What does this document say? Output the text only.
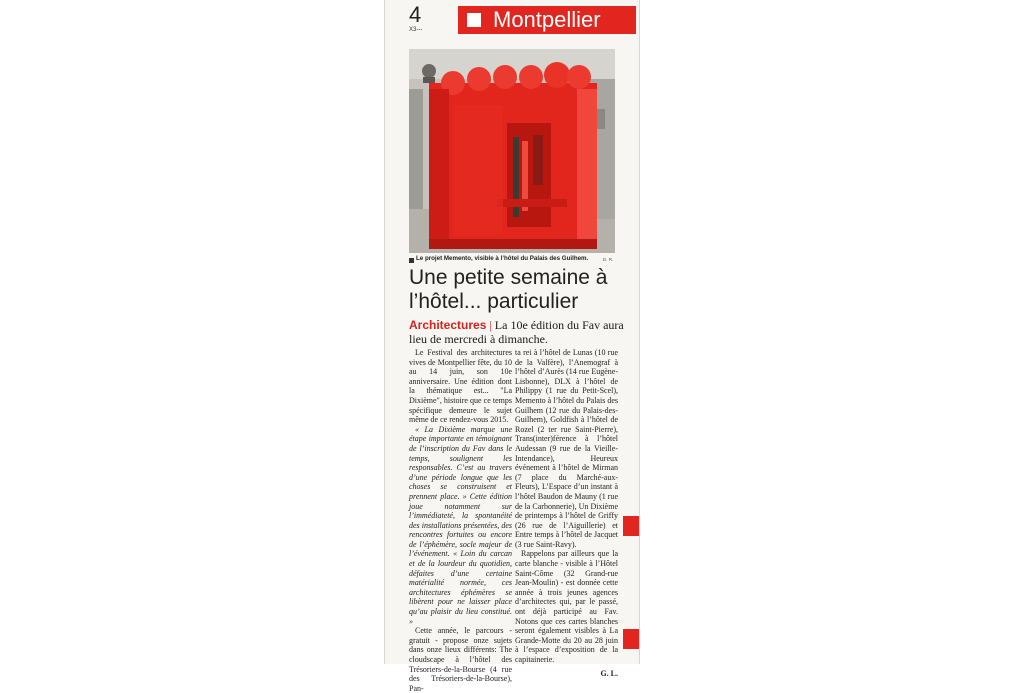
4
X3---	Montpellier
Le projet Memento, visible à l’hôtel du Palais des Guilhem.	D. R.
Une petite semaine à l’hôtel... particulier
Architectures | La 10e édition du Fav aura lieu de mercredi à dimanche.

Le Festival des architectures vives de Montpellier fête, du 10 au 14 juin, son 10e anniversaire. Une édition dont la thématique est... "La Dixième", histoire que ce temps spécifique demeure le sujet même de ce rendez-vous 2015.

« La Dixième marque une étape importante en témoignant de l’inscription du Fav dans le temps, soulignent les responsables. C’est au travers d’une période longue que les choses se construisent et prennent place. » Cette édition joue notamment sur l’immédiateté, la spontanéité des installations présentées, des rencontres fortuites ou encore de l’éphémère, socle majeur de l’événement. « Loin du carcan et de la lourdeur du quotidien, défaites d’une certaine matérialité normée, ces architectures éphémères se libèrent pour ne laisser place qu’au plaisir du lieu constitué. »

Cette année, le parcours - gratuit - propose onze sujets dans onze lieux différents: The cloudscape à l’hôtel des Trésoriers-de-la-Bourse (4 rue des Trésoriers-de-la-Bourse), Pan-

ta rei à l’hôtel de Lunas (10 rue de la Valfère), l’Anemograf à l’hôtel d’Aurès (14 rue Eugène-Lisbonne), DLX à l’hôtel de Philippy (1 rue du Petit-Scel), Memento à l’hôtel du Palais des Guilhem (12 rue du Palais-des-Guilhem), Goldfish à l’hôtel de Rozel (2 ter rue Saint-Pierre), Trans(inter)férence à l’hôtel Audessan (9 rue de la Vieille-Intendance), Heureux événement à l’hôtel de Mirman (7 place du Marché-aux-Fleurs), L’Espace d’un instant à l’hôtel Baudon de Mauny (1 rue de la Carbonnerie), Un Dixième de printemps à l’hôtel de Griffy (26 rue de l’Aiguillerie) et Entre temps à l’hôtel de Jacquet (3 rue Saint-Ravy).

Rappelons par ailleurs que la carte blanche - visible à l’Hôtel Saint-Côme (32 Grand-rue Jean-Moulin) - est donnée cette année à trois jeunes agences d’architectes qui, par le passé, ont déjà participé au Fav. Notons que ces cartes blanches seront également visibles à La Grande-Motte du 20 au 28 juin à l’espace d’exposition de la capitainerie.

G. L.
